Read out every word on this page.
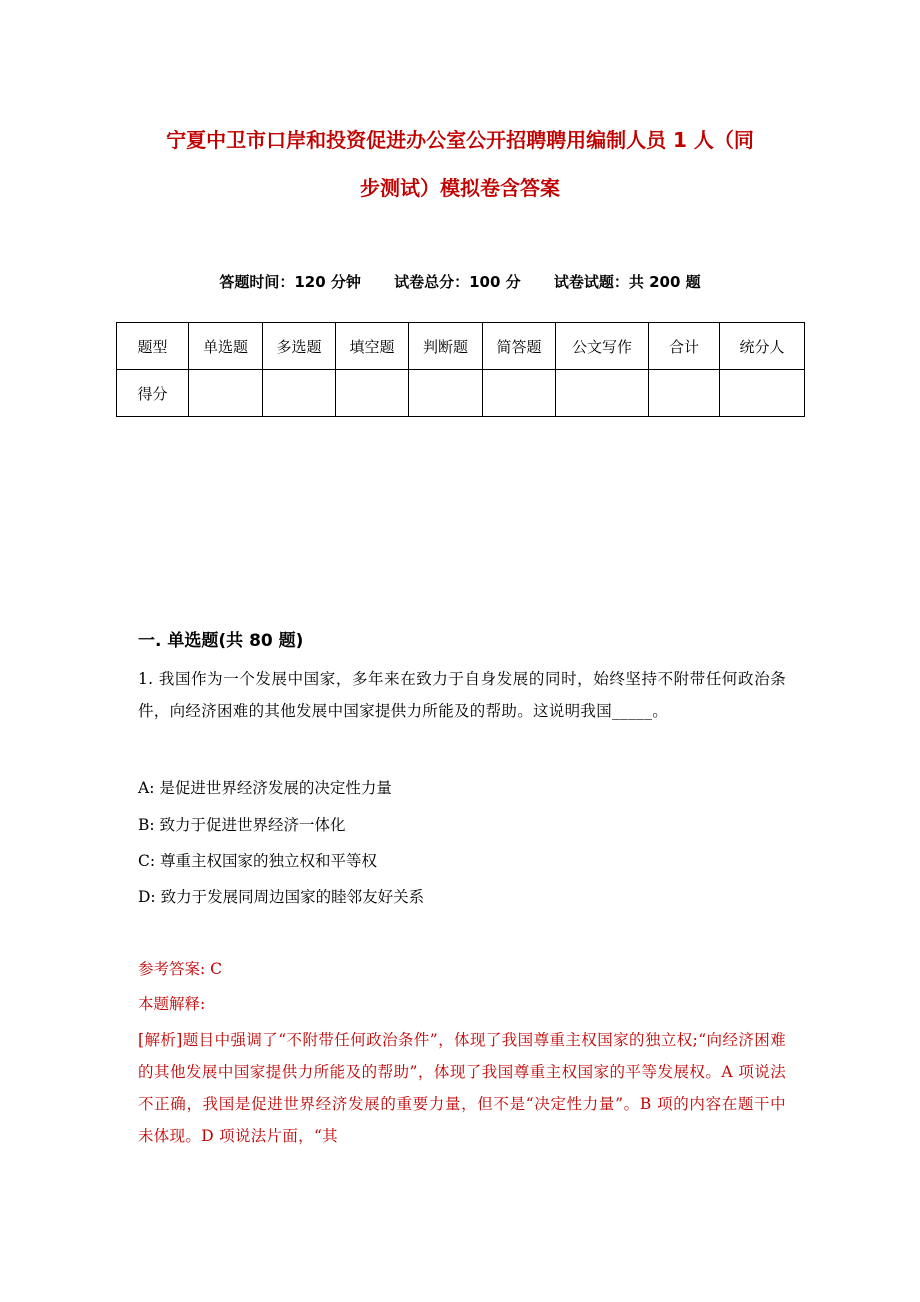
宁夏中卫市口岸和投资促进办公室公开招聘聘用编制人员 1 人（同
步测试）模拟卷含答案
答题时间：120 分钟 试卷总分：100 分 试卷试题：共 200 题
题型	单选题	多选题	填空题	判断题	简答题	公文写作	合计	统分人
得分								
一. 单选题(共 80 题)
1. 我国作为一个发展中国家，多年来在致力于自身发展的同时，始终坚持不附带任何政治条件，向经济困难的其他发展中国家提供力所能及的帮助。这说明我国_____。
A: 是促进世界经济发展的决定性力量
B: 致力于促进世界经济一体化
C: 尊重主权国家的独立权和平等权
D: 致力于发展同周边国家的睦邻友好关系
参考答案: C
本题解释:
[解析]题目中强调了“不附带任何政治条件”，体现了我国尊重主权国家的独立权;“向经济困难的其他发展中国家提供力所能及的帮助”，体现了我国尊重主权国家的平等发展权。A 项说法不正确，我国是促进世界经济发展的重要力量，但不是“决定性力量”。B 项的内容在题干中未体现。D 项说法片面，“其
